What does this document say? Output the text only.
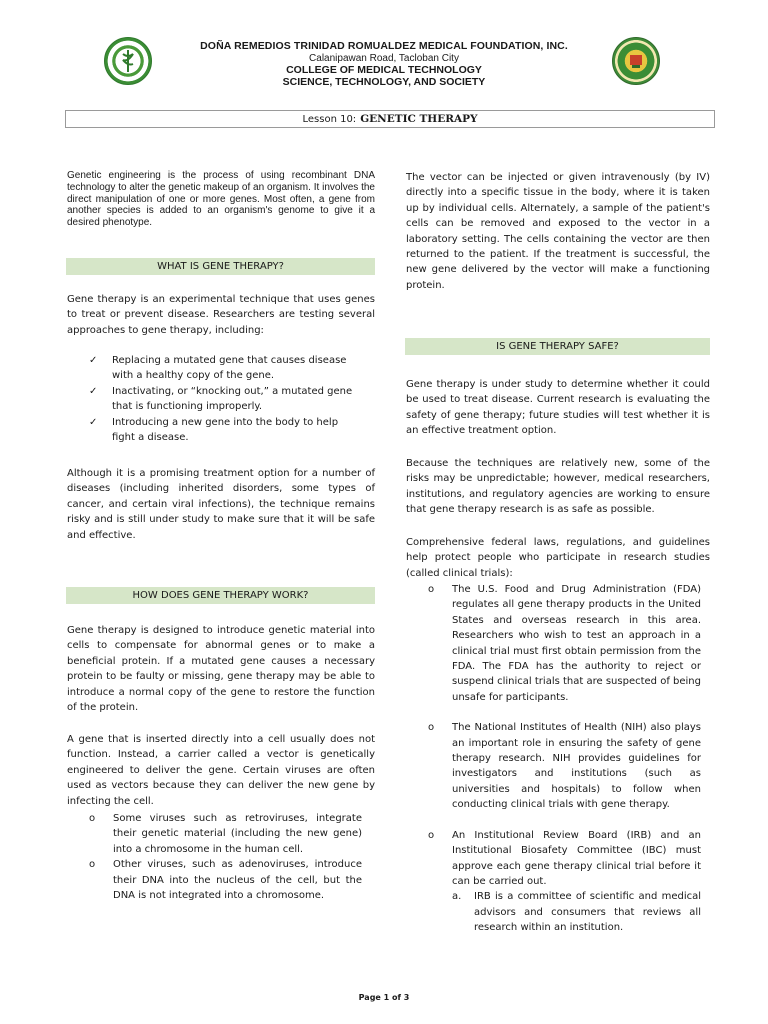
DOÑA REMEDIOS TRINIDAD ROMUALDEZ MEDICAL FOUNDATION, INC.
Calanipawan Road, Tacloban City
COLLEGE OF MEDICAL TECHNOLOGY
SCIENCE, TECHNOLOGY, AND SOCIETY
Lesson 10: GENETIC THERAPY

Genetic engineering is the process of using recombinant DNA technology to alter the genetic makeup of an organism. It involves the direct manipulation of one or more genes. Most often, a gene from another species is added to an organism's genome to give it a desired phenotype.

WHAT IS GENE THERAPY?

Gene therapy is an experimental technique that uses genes to treat or prevent disease. Researchers are testing several approaches to gene therapy, including:

✓ Replacing a mutated gene that causes disease with a healthy copy of the gene.
✓ Inactivating, or “knocking out,” a mutated gene that is functioning improperly.
✓ Introducing a new gene into the body to help fight a disease.

Although it is a promising treatment option for a number of diseases (including inherited disorders, some types of cancer, and certain viral infections), the technique remains risky and is still under study to make sure that it will be safe and effective.

HOW DOES GENE THERAPY WORK?

Gene therapy is designed to introduce genetic material into cells to compensate for abnormal genes or to make a beneficial protein. If a mutated gene causes a necessary protein to be faulty or missing, gene therapy may be able to introduce a normal copy of the gene to restore the function of the protein.

A gene that is inserted directly into a cell usually does not function. Instead, a carrier called a vector is genetically engineered to deliver the gene. Certain viruses are often used as vectors because they can deliver the new gene by infecting the cell.

o Some viruses such as retroviruses, integrate their genetic material (including the new gene) into a chromosome in the human cell.
o Other viruses, such as adenoviruses, introduce their DNA into the nucleus of the cell, but the DNA is not integrated into a chromosome.

The vector can be injected or given intravenously (by IV) directly into a specific tissue in the body, where it is taken up by individual cells. Alternately, a sample of the patient's cells can be removed and exposed to the vector in a laboratory setting. The cells containing the vector are then returned to the patient. If the treatment is successful, the new gene delivered by the vector will make a functioning protein.

IS GENE THERAPY SAFE?

Gene therapy is under study to determine whether it could be used to treat disease. Current research is evaluating the safety of gene therapy; future studies will test whether it is an effective treatment option.

Because the techniques are relatively new, some of the risks may be unpredictable; however, medical researchers, institutions, and regulatory agencies are working to ensure that gene therapy research is as safe as possible.

Comprehensive federal laws, regulations, and guidelines help protect people who participate in research studies (called clinical trials):

o The U.S. Food and Drug Administration (FDA) regulates all gene therapy products in the United States and overseas research in this area. Researchers who wish to test an approach in a clinical trial must first obtain permission from the FDA. The FDA has the authority to reject or suspend clinical trials that are suspected of being unsafe for participants.
o The National Institutes of Health (NIH) also plays an important role in ensuring the safety of gene therapy research. NIH provides guidelines for investigators and institutions (such as universities and hospitals) to follow when conducting clinical trials with gene therapy.
o An Institutional Review Board (IRB) and an Institutional Biosafety Committee (IBC) must approve each gene therapy clinical trial before it can be carried out.
a. IRB is a committee of scientific and medical advisors and consumers that reviews all research within an institution.
Page 1 of 3
